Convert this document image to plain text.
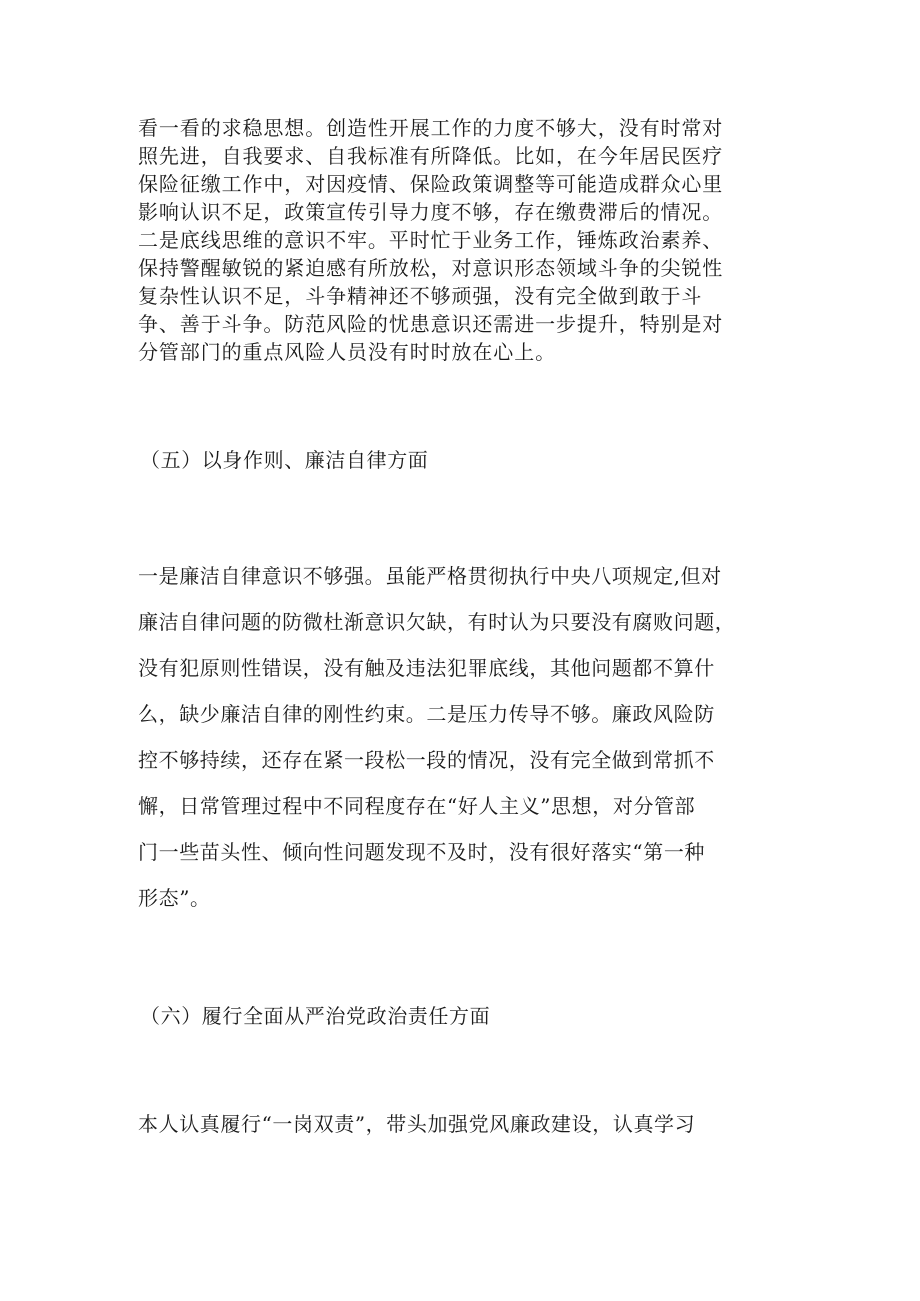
看一看的求稳思想。创造性开展工作的力度不够大，没有时常对
照先进，自我要求、自我标准有所降低。比如，在今年居民医疗
保险征缴工作中，对因疫情、保险政策调整等可能造成群众心里
影响认识不足，政策宣传引导力度不够，存在缴费滞后的情况。
二是底线思维的意识不牢。平时忙于业务工作，锤炼政治素养、
保持警醒敏锐的紧迫感有所放松，对意识形态领域斗争的尖锐性
复杂性认识不足，斗争精神还不够顽强，没有完全做到敢于斗
争、善于斗争。防范风险的忧患意识还需进一步提升，特别是对
分管部门的重点风险人员没有时时放在心上。
（五）以身作则、廉洁自律方面
一是廉洁自律意识不够强。虽能严格贯彻执行中央八项规定,但对
廉洁自律问题的防微杜渐意识欠缺，有时认为只要没有腐败问题，
没有犯原则性错误，没有触及违法犯罪底线，其他问题都不算什
么，缺少廉洁自律的刚性约束。二是压力传导不够。廉政风险防
控不够持续，还存在紧一段松一段的情况，没有完全做到常抓不
懈，日常管理过程中不同程度存在“好人主义”思想，对分管部
门一些苗头性、倾向性问题发现不及时，没有很好落实“第一种
形态”。
（六）履行全面从严治党政治责任方面
本人认真履行“一岗双责”，带头加强党风廉政建设，认真学习
